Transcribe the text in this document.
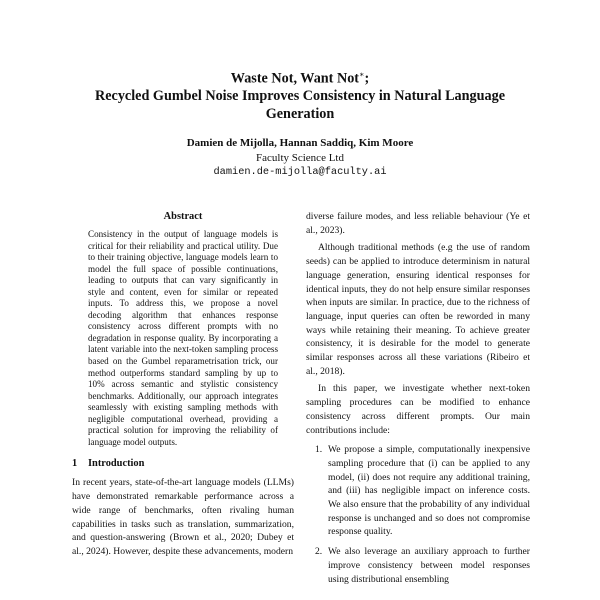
Waste Not, Want Not∗;
Recycled Gumbel Noise Improves Consistency in Natural Language Generation
Damien de Mijolla, Hannan Saddiq, Kim Moore
Faculty Science Ltd
damien.de-mijolla@faculty.ai
Abstract

Consistency in the output of language models is critical for their reliability and practical utility. Due to their training objective, language models learn to model the full space of possible continuations, leading to outputs that can vary significantly in style and content, even for similar or repeated inputs. To address this, we propose a novel decoding algorithm that enhances response consistency across different prompts with no degradation in response quality. By incorporating a latent variable into the next-token sampling process based on the Gumbel reparametrisation trick, our method outperforms standard sampling by up to 10% across semantic and stylistic consistency benchmarks. Additionally, our approach integrates seamlessly with existing sampling methods with negligible computational overhead, providing a practical solution for improving the reliability of language model outputs.

1 Introduction

In recent years, state-of-the-art language models (LLMs) have demonstrated remarkable performance across a wide range of benchmarks, often rivaling human capabilities in tasks such as translation, summarization, and question-answering (Brown et al., 2020; Dubey et al., 2024). However, despite these advancements, modern

diverse failure modes, and less reliable behaviour (Ye et al., 2023).

Although traditional methods (e.g the use of random seeds) can be applied to introduce determinism in natural language generation, ensuring identical responses for identical inputs, they do not help ensure similar responses when inputs are similar. In practice, due to the richness of language, input queries can often be reworded in many ways while retaining their meaning. To achieve greater consistency, it is desirable for the model to generate similar responses across all these variations (Ribeiro et al., 2018).

In this paper, we investigate whether next-token sampling procedures can be modified to enhance consistency across different prompts. Our main contributions include:

1. We propose a simple, computationally inexpensive sampling procedure that (i) can be applied to any model, (ii) does not require any additional training, and (iii) has negligible impact on inference costs. We also ensure that the probability of any individual response is unchanged and so does not compromise response quality.
2. We also leverage an auxiliary approach to further improve consistency between model responses using distributional ensembling
